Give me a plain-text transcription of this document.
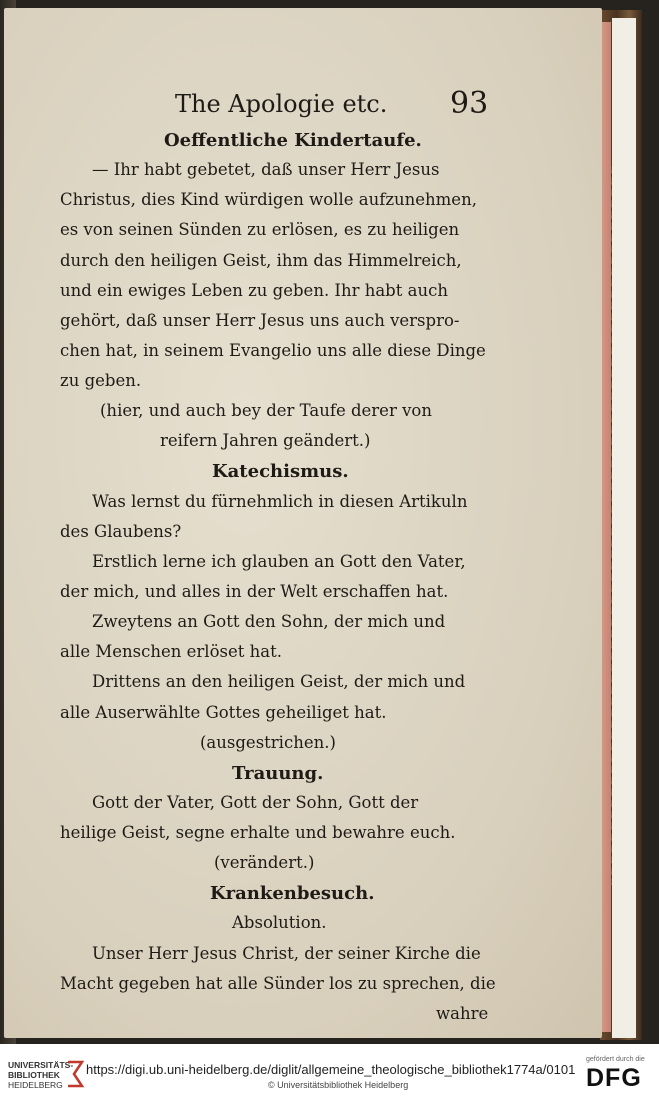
The Apologie etc. 93
Oeffentliche Kindertaufe.
— Ihr habt gebetet, daß unser Herr Jesus
Christus, dies Kind würdigen wolle aufzunehmen,
es von seinen Sünden zu erlösen, es zu heiligen
durch den heiligen Geist, ihm das Himmelreich,
und ein ewiges Leben zu geben. Ihr habt auch
gehört, daß unser Herr Jesus uns auch verspro-
chen hat, in seinem Evangelio uns alle diese Dinge
zu geben.
(hier, und auch bey der Taufe derer von
reifern Jahren geändert.)
Katechismus.
Was lernst du fürnehmlich in diesen Artikuln
des Glaubens?
Erstlich lerne ich glauben an Gott den Vater,
der mich, und alles in der Welt erschaffen hat.
Zweytens an Gott den Sohn, der mich und
alle Menschen erlöset hat.
Drittens an den heiligen Geist, der mich und
alle Auserwählte Gottes geheiliget hat.
(ausgestrichen.)
Trauung.
Gott der Vater, Gott der Sohn, Gott der
heilige Geist, segne erhalte und bewahre euch.
(verändert.)
Krankenbesuch.
Absolution.
Unser Herr Jesus Christ, der seiner Kirche die
Macht gegeben hat alle Sünder los zu sprechen, die
wahre
UNIVERSITÄTS-
BIBLIOTHEK
HEIDELBERG
https://digi.ub.uni-heidelberg.de/diglit/allgemeine_theologische_bibliothek1774a/0101
© Universitätsbibliothek Heidelberg
gefördert durch die
DFG
